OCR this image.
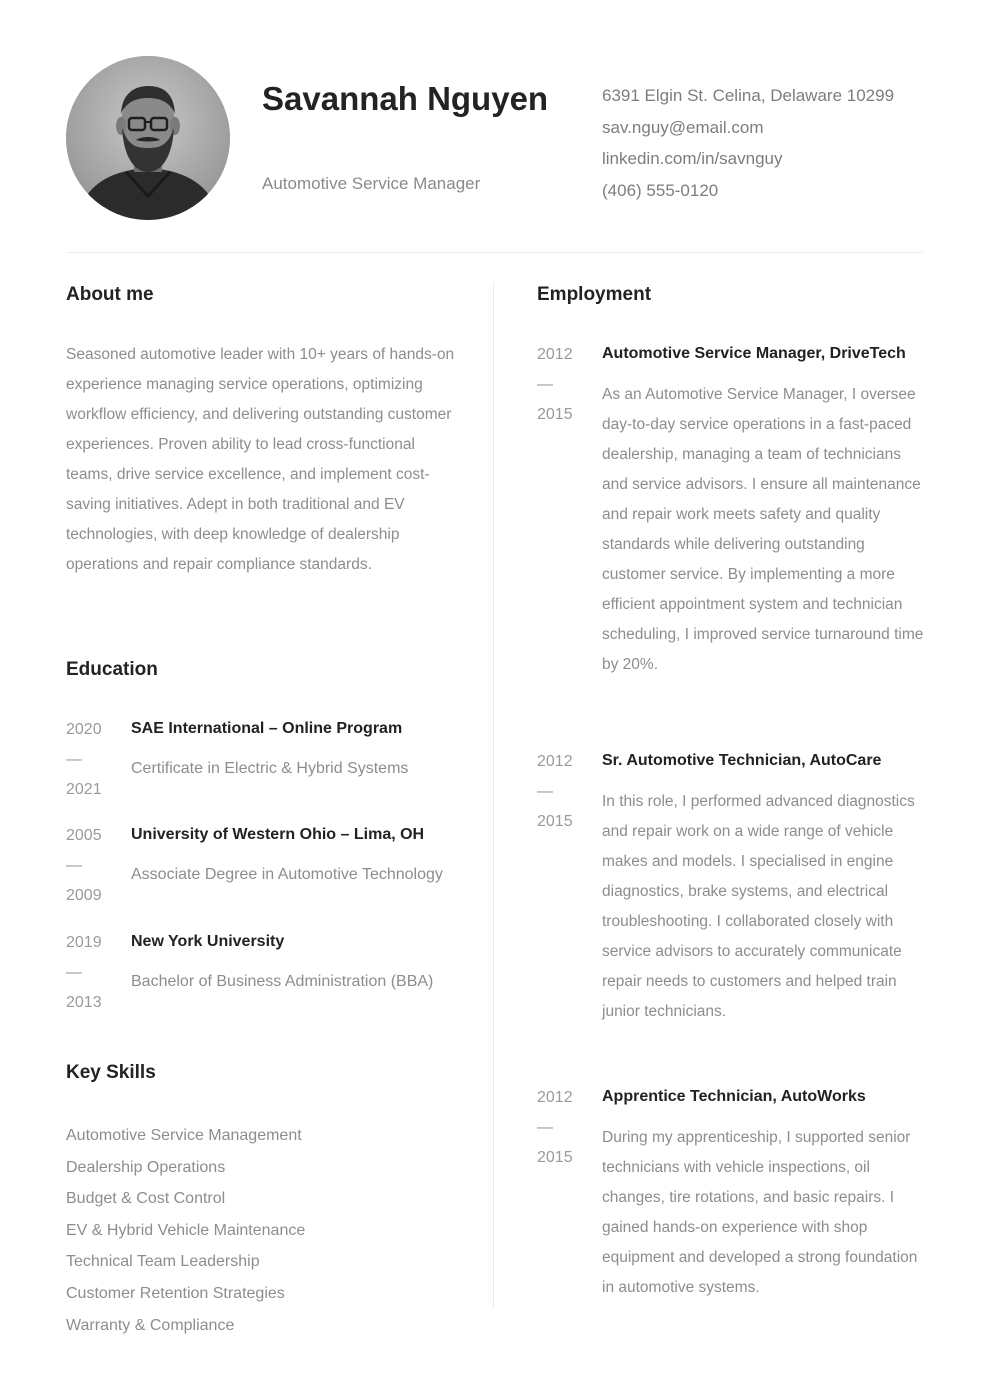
Savannah Nguyen
Automotive Service Manager
6391 Elgin St. Celina, Delaware 10299
sav.nguy@email.com
linkedin.com/in/savnguy
(406) 555-0120
About me
Seasoned automotive leader with 10+ years of hands-on experience managing service operations, optimizing workflow efficiency, and delivering outstanding customer experiences. Proven ability to lead cross-functional teams, drive service excellence, and implement cost-saving initiatives. Adept in both traditional and EV technologies, with deep knowledge of dealership operations and repair compliance standards.
Education
2020
—
2021
SAE International – Online Program
Certificate in Electric & Hybrid Systems
2005
—
2009
University of Western Ohio – Lima, OH
Associate Degree in Automotive Technology
2019
—
2013
New York University
Bachelor of Business Administration (BBA)
Key Skills
Automotive Service Management
Dealership Operations
Budget & Cost Control
EV & Hybrid Vehicle Maintenance
Technical Team Leadership
Customer Retention Strategies
Warranty & Compliance
Employment
2012
—
2015
Automotive Service Manager, DriveTech
As an Automotive Service Manager, I oversee day-to-day service operations in a fast-paced dealership, managing a team of technicians and service advisors. I ensure all maintenance and repair work meets safety and quality standards while delivering outstanding customer service. By implementing a more efficient appointment system and technician scheduling, I improved service turnaround time by 20%.
2012
—
2015
Sr. Automotive Technician, AutoCare
In this role, I performed advanced diagnostics and repair work on a wide range of vehicle makes and models. I specialised in engine diagnostics, brake systems, and electrical troubleshooting. I collaborated closely with service advisors to accurately communicate repair needs to customers and helped train junior technicians.
2012
—
2015
Apprentice Technician, AutoWorks
During my apprenticeship, I supported senior technicians with vehicle inspections, oil changes, tire rotations, and basic repairs. I gained hands-on experience with shop equipment and developed a strong foundation in automotive systems.
